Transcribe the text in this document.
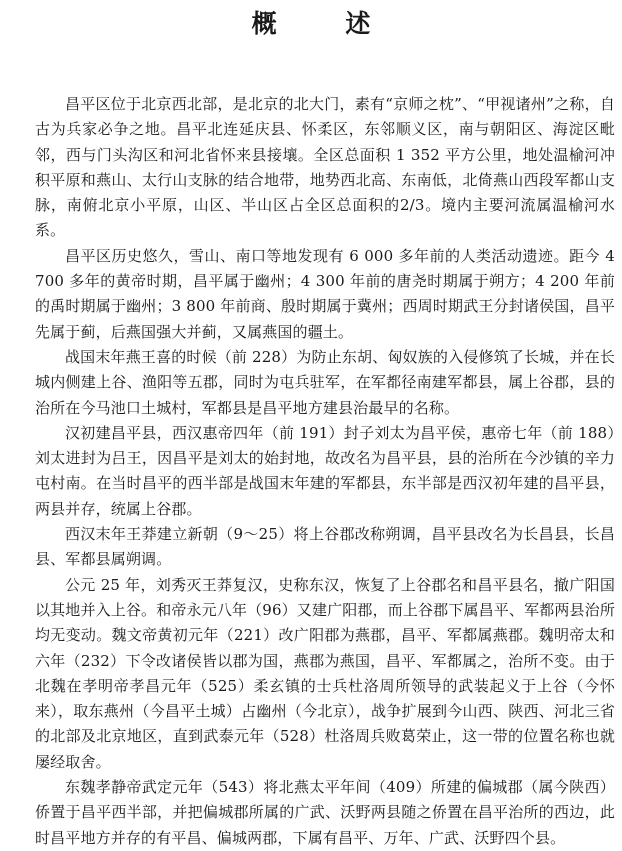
概 述

昌平区位于北京西北部，是北京的北大门，素有“京师之枕”、“甲视诸州”之称，自古为兵家必争之地。昌平北连延庆县、怀柔区，东邻顺义区，南与朝阳区、海淀区毗邻，西与门头沟区和河北省怀来县接壤。全区总面积 1 352 平方公里，地处温榆河冲积平原和燕山、太行山支脉的结合地带，地势西北高、东南低，北倚燕山西段军都山支脉，南俯北京小平原，山区、半山区占全区总面积的2/3。境内主要河流属温榆河水系。

昌平区历史悠久，雪山、南口等地发现有 6 000 多年前的人类活动遗迹。距今 4 700 多年的黄帝时期，昌平属于幽州；4 300 年前的唐尧时期属于朔方；4 200 年前的禹时期属于幽州；3 800 年前商、殷时期属于冀州；西周时期武王分封诸侯国，昌平先属于蓟，后燕国强大并蓟，又属燕国的疆土。

战国末年燕王喜的时候（前 228）为防止东胡、匈奴族的入侵修筑了长城，并在长城内侧建上谷、渔阳等五郡，同时为屯兵驻军，在军都径南建军都县，属上谷郡，县的治所在今马池口土城村，军都县是昌平地方建县治最早的名称。

汉初建昌平县，西汉惠帝四年（前 191）封子刘太为昌平侯，惠帝七年（前 188）刘太进封为吕王，因昌平是刘太的始封地，故改名为昌平县，县的治所在今沙镇的辛力屯村南。在当时昌平的西半部是战国末年建的军都县，东半部是西汉初年建的昌平县，两县并存，统属上谷郡。

西汉末年王莽建立新朝（9～25）将上谷郡改称朔调，昌平县改名为长昌县，长昌县、军都县属朔调。

公元 25 年，刘秀灭王莽复汉，史称东汉，恢复了上谷郡名和昌平县名，撤广阳国以其地并入上谷。和帝永元八年（96）又建广阳郡，而上谷郡下属昌平、军都两县治所均无变动。魏文帝黄初元年（221）改广阳郡为燕郡，昌平、军都属燕郡。魏明帝太和六年（232）下令改诸侯皆以郡为国，燕郡为燕国，昌平、军都属之，治所不变。由于北魏在孝明帝孝昌元年（525）柔玄镇的士兵杜洛周所领导的武装起义于上谷（今怀来），取东燕州（今昌平土城）占幽州（今北京），战争扩展到今山西、陕西、河北三省的北部及北京地区，直到武泰元年（528）杜洛周兵败葛荣止，这一带的位置名称也就屡经取舍。

东魏孝静帝武定元年（543）将北燕太平年间（409）所建的偏城郡（属今陕西）侨置于昌平西半部，并把偏城郡所属的广武、沃野两县随之侨置在昌平治所的西边，此时昌平地方并存的有平昌、偏城两郡，下属有昌平、万年、广武、沃野四个县。
